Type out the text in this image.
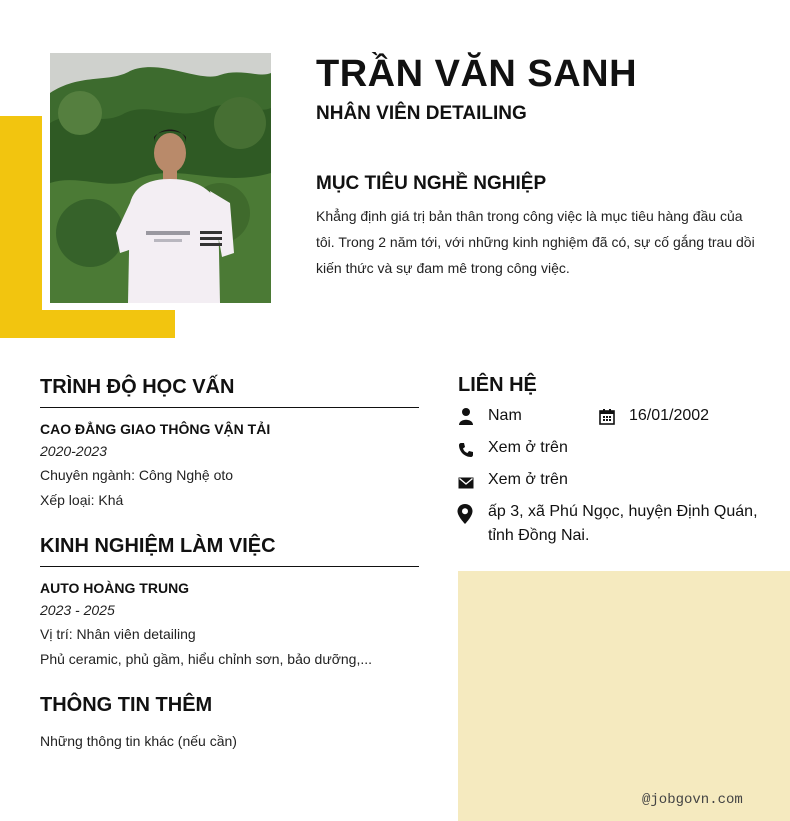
TRẦN VĂN SANH
NHÂN VIÊN DETAILING
MỤC TIÊU NGHỀ NGHIỆP
Khẳng định giá trị bản thân trong công việc là mục tiêu hàng đầu của tôi. Trong 2 năm tới, với những kinh nghiệm đã có, sự cố gắng trau dồi kiến thức và sự đam mê trong công việc.
TRÌNH ĐỘ HỌC VẤN
CAO ĐẲNG GIAO THÔNG VẬN TẢI
2020-2023
Chuyên ngành: Công Nghệ oto
Xếp loại: Khá
KINH NGHIỆM LÀM VIỆC
AUTO HOÀNG TRUNG
2023 - 2025
Vị trí: Nhân viên detailing
Phủ ceramic, phủ gầm, hiểu chỉnh sơn, bảo dưỡng,...
THÔNG TIN THÊM
Những thông tin khác (nếu cần)
LIÊN HỆ
Nam	16/01/2002
Xem ở trên
Xem ở trên
ấp 3, xã Phú Ngọc, huyện Định Quán, tỉnh Đồng Nai.
@jobgovn.com
